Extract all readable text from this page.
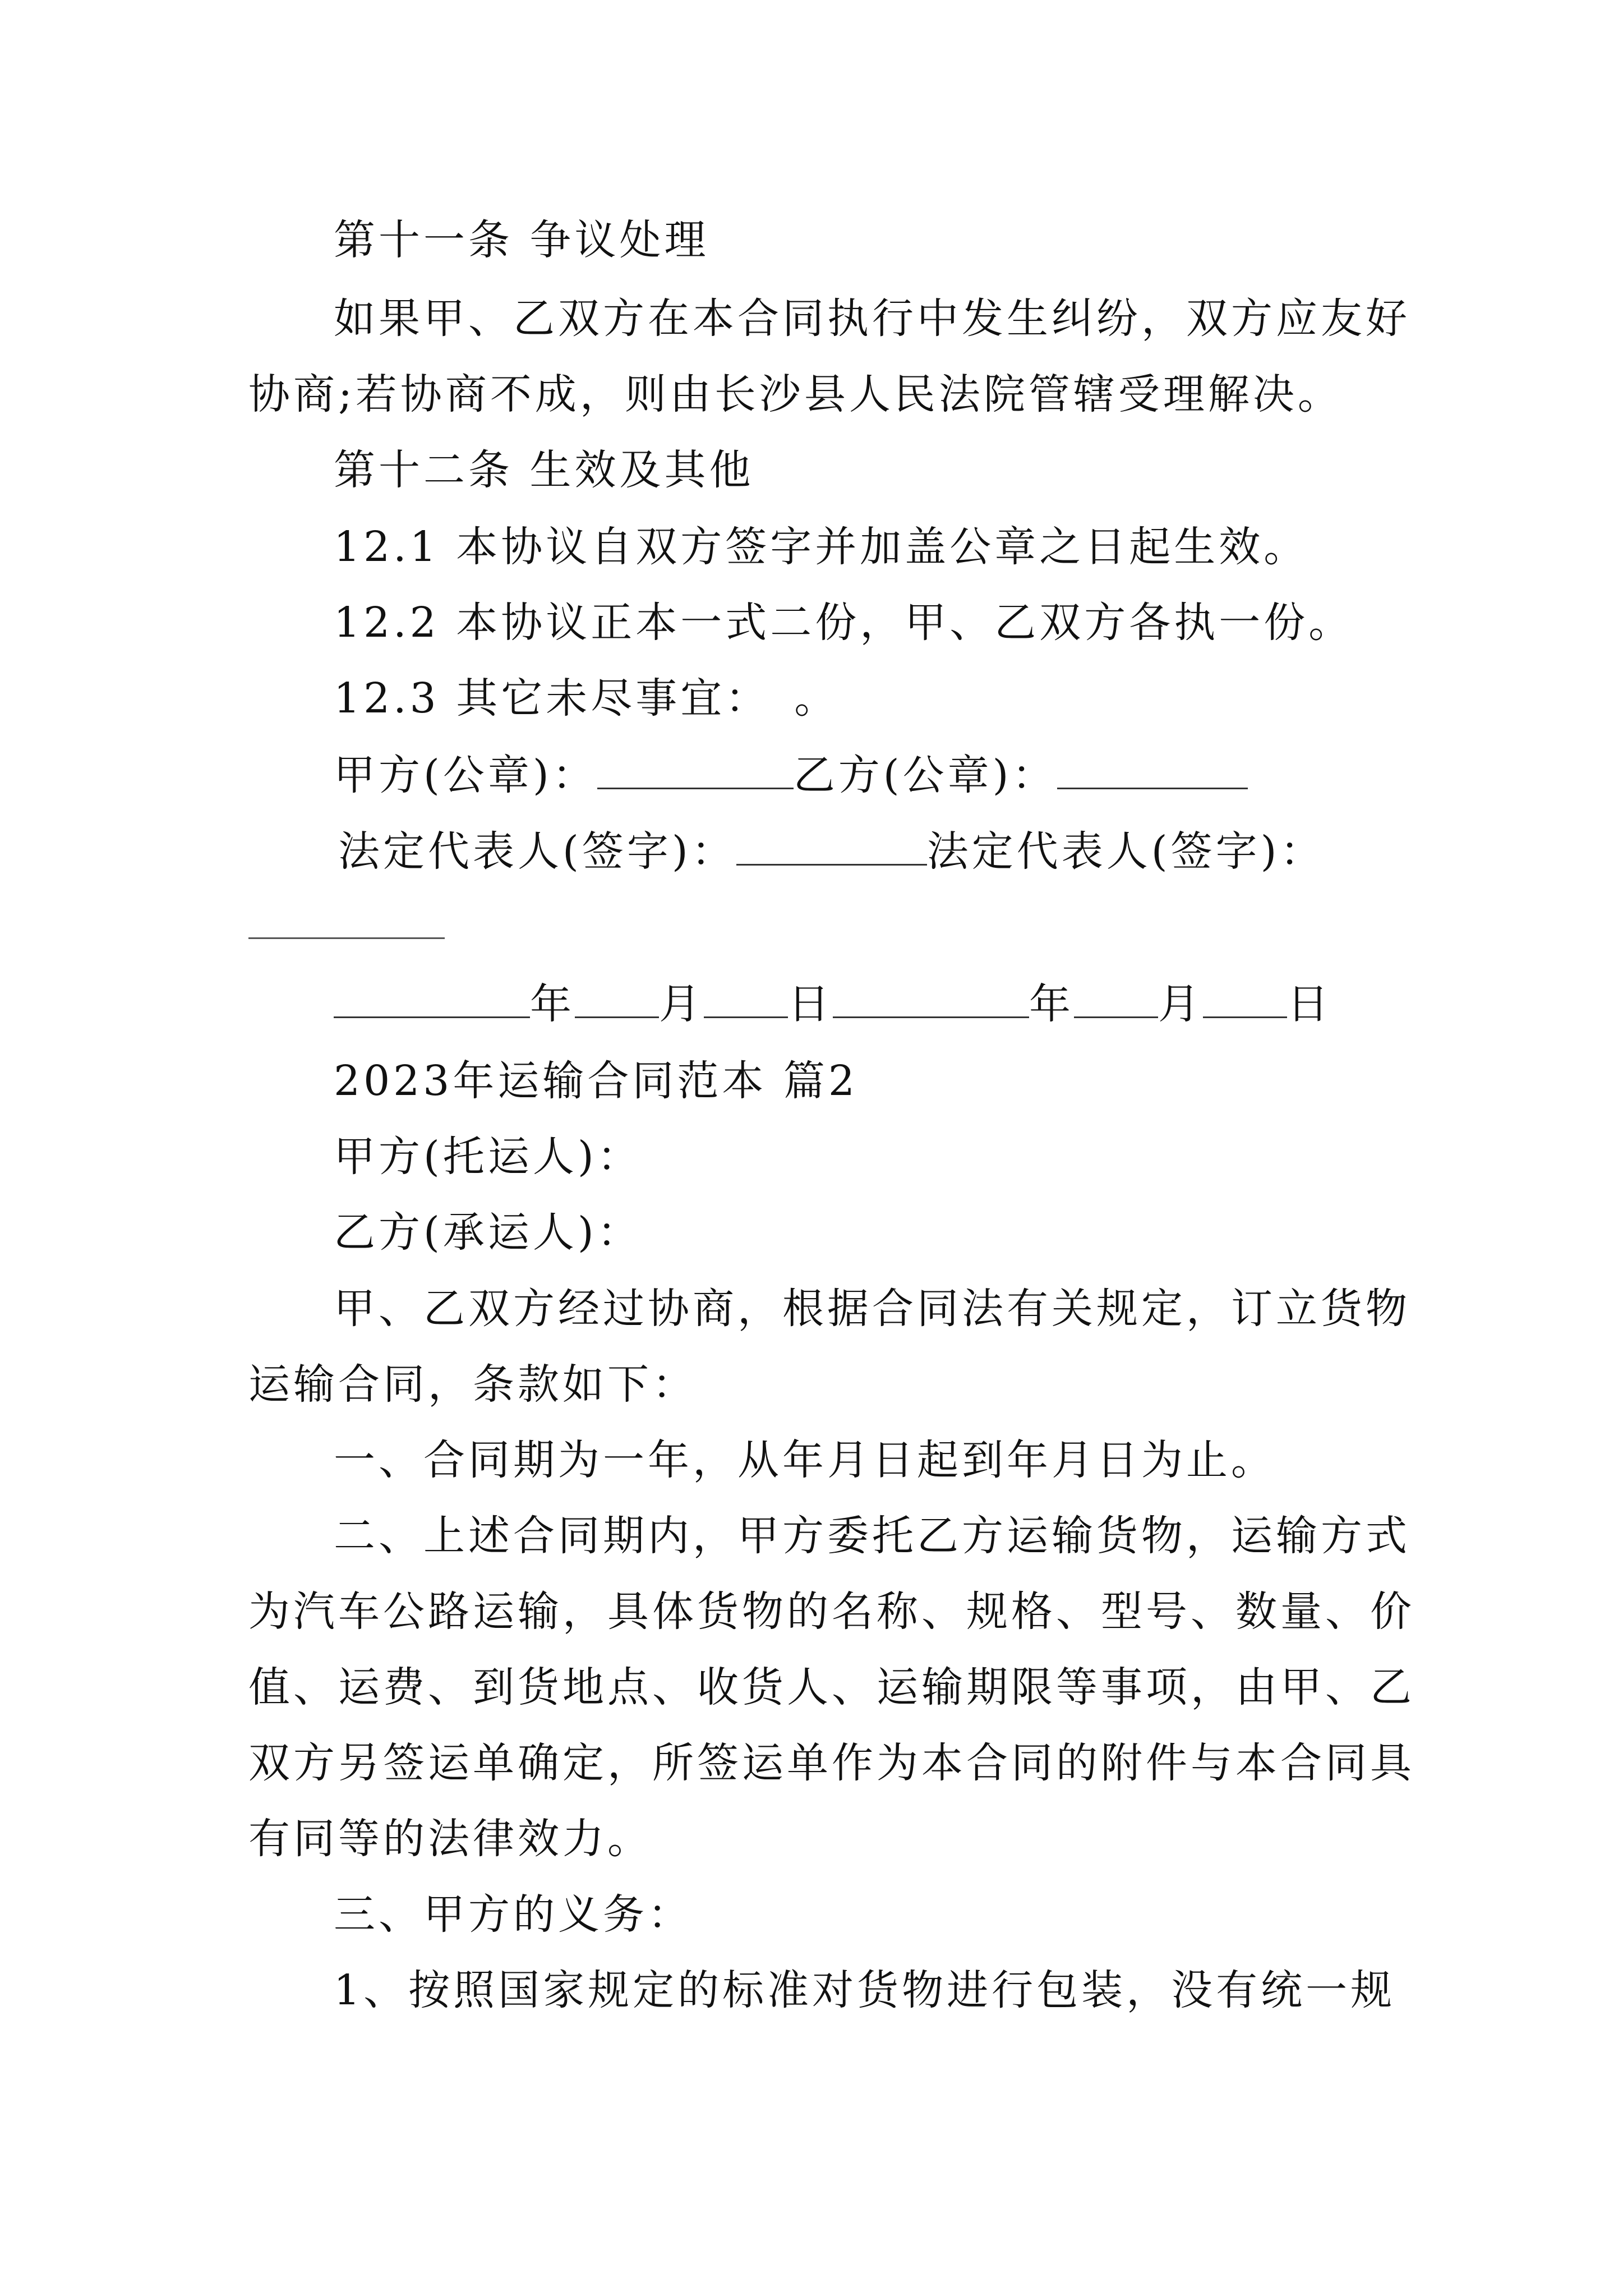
第十一条 争议处理
如果甲、乙双方在本合同执行中发生纠纷，双方应友好
协商;若协商不成，则由长沙县人民法院管辖受理解决。
第十二条 生效及其他
12.1 本协议自双方签字并加盖公章之日起生效。
12.2 本协议正本一式二份，甲、乙双方各执一份。
12.3 其它未尽事宜：　。
甲方(公章)：	乙方(公章)：
法定代表人(签字)：	法定代表人(签字)：
年 月 日	年 月 日
2023年运输合同范本 篇2
甲方(托运人)：
乙方(承运人)：
甲、乙双方经过协商，根据合同法有关规定，订立货物
运输合同，条款如下：
一、合同期为一年，从年月日起到年月日为止。
二、上述合同期内，甲方委托乙方运输货物，运输方式
为汽车公路运输，具体货物的名称、规格、型号、数量、价
值、运费、到货地点、收货人、运输期限等事项，由甲、乙
双方另签运单确定，所签运单作为本合同的附件与本合同具
有同等的法律效力。
三、甲方的义务：
1、按照国家规定的标准对货物进行包装，没有统一规
